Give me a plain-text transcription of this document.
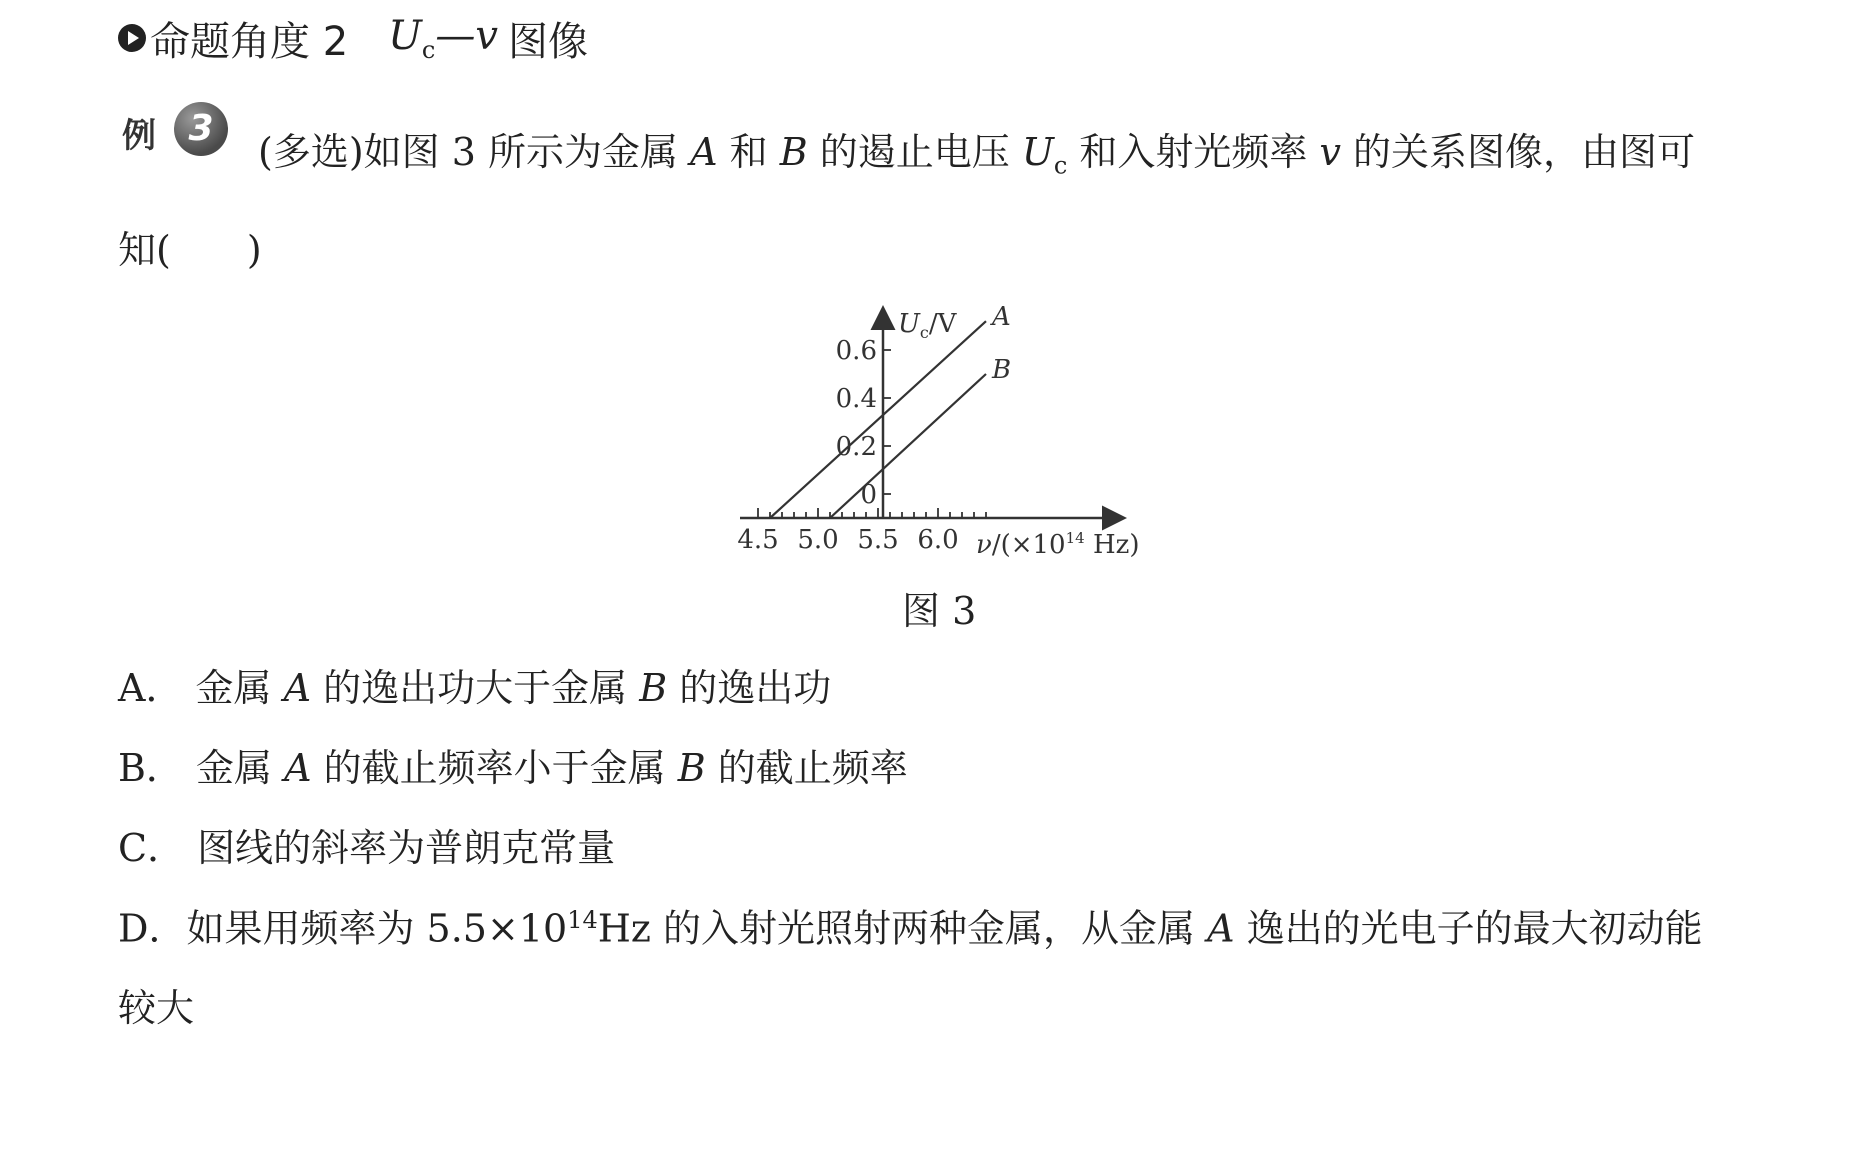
命题角度 2 $U_c—v$ 图像
例 3
(多选)如图 3 所示为金属 A 和 B 的遏止电压 $U_c$ 和入射光频率 v 的关系图像，由图可
知(　　)
4.5 5.0 5.5 6.0
0
0.2
0.4
0.6
$U_c/V$
$\nu/(\times 10^{14}$ Hz)
A
B
图 3
A． 金属 A 的逸出功大于金属 B 的逸出功
B． 金属 A 的截止频率小于金属 B 的截止频率
C． 图线的斜率为普朗克常量
D．如果用频率为 $5.5\times 10^{14}Hz$ 的入射光照射两种金属，从金属 A 逸出的光电子的最大初动能
较大
